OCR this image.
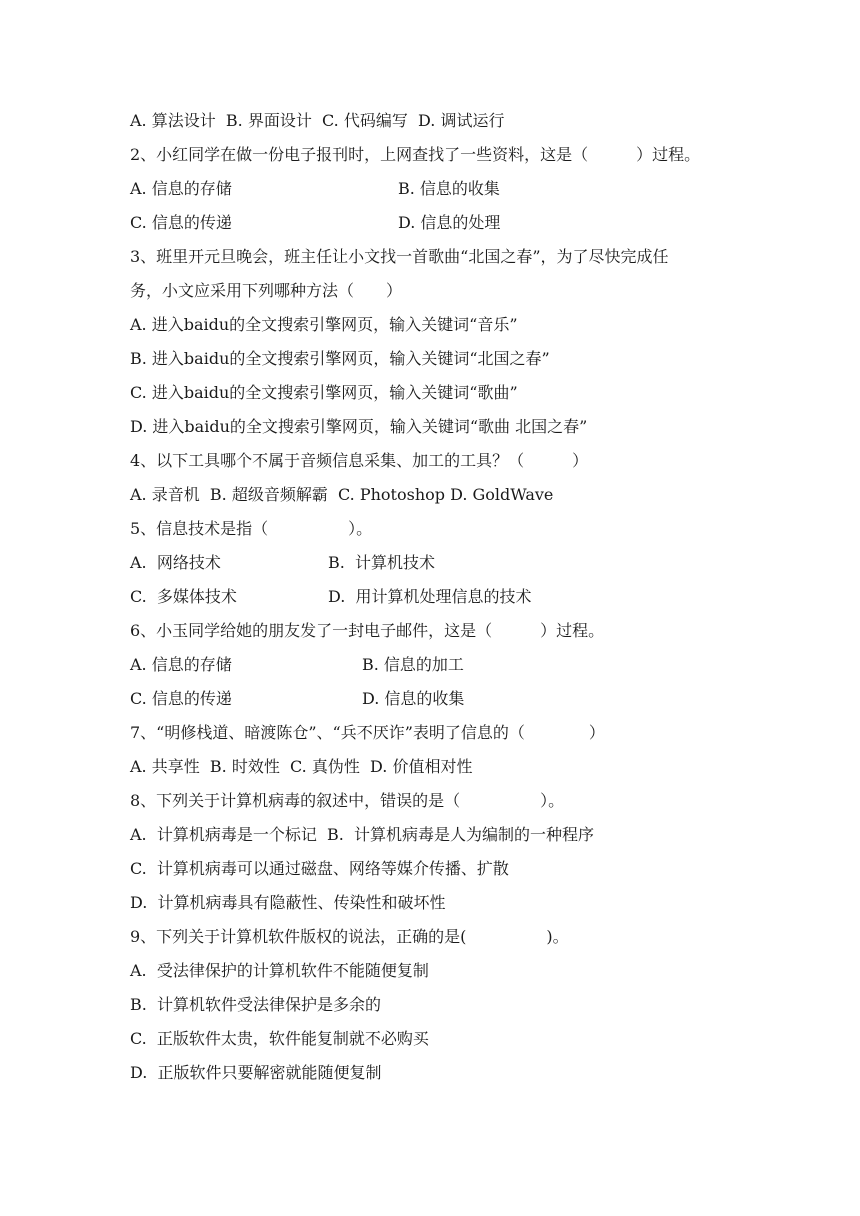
A. 算法设计  B. 界面设计  C. 代码编写  D. 调试运行
2、小红同学在做一份电子报刊时，上网查找了一些资料，这是（　　　）过程。
A. 信息的存储	B. 信息的收集
C. 信息的传递	D. 信息的处理
3、班里开元旦晚会，班主任让小文找一首歌曲“北国之春”，为了尽快完成任
务，小文应采用下列哪种方法（　　）
A. 进入baidu的全文搜索引擎网页，输入关键词“音乐”
B. 进入baidu的全文搜索引擎网页，输入关键词“北国之春”
C. 进入baidu的全文搜索引擎网页，输入关键词“歌曲”
D. 进入baidu的全文搜索引擎网页，输入关键词“歌曲 北国之春”
4、以下工具哪个不属于音频信息采集、加工的工具？（　　　）
A. 录音机  B. 超级音频解霸  C. Photoshop D. GoldWave
5、信息技术是指（　　　　　）。
A.  网络技术	B.  计算机技术
C.  多媒体技术	D.  用计算机处理信息的技术
6、小玉同学给她的朋友发了一封电子邮件，这是（　　　）过程。
A. 信息的存储	B. 信息的加工
C. 信息的传递	D. 信息的收集
7、“明修栈道、暗渡陈仓”、“兵不厌诈”表明了信息的（　　　　）
A. 共享性  B. 时效性  C. 真伪性  D. 价值相对性
8、下列关于计算机病毒的叙述中，错误的是（　　　　　）。
A.  计算机病毒是一个标记  B.  计算机病毒是人为编制的一种程序
C.  计算机病毒可以通过磁盘、网络等媒介传播、扩散
D.  计算机病毒具有隐蔽性、传染性和破坏性
9、下列关于计算机软件版权的说法，正确的是(　　　　　)。
A.  受法律保护的计算机软件不能随便复制
B.  计算机软件受法律保护是多余的
C.  正版软件太贵，软件能复制就不必购买
D.  正版软件只要解密就能随便复制
